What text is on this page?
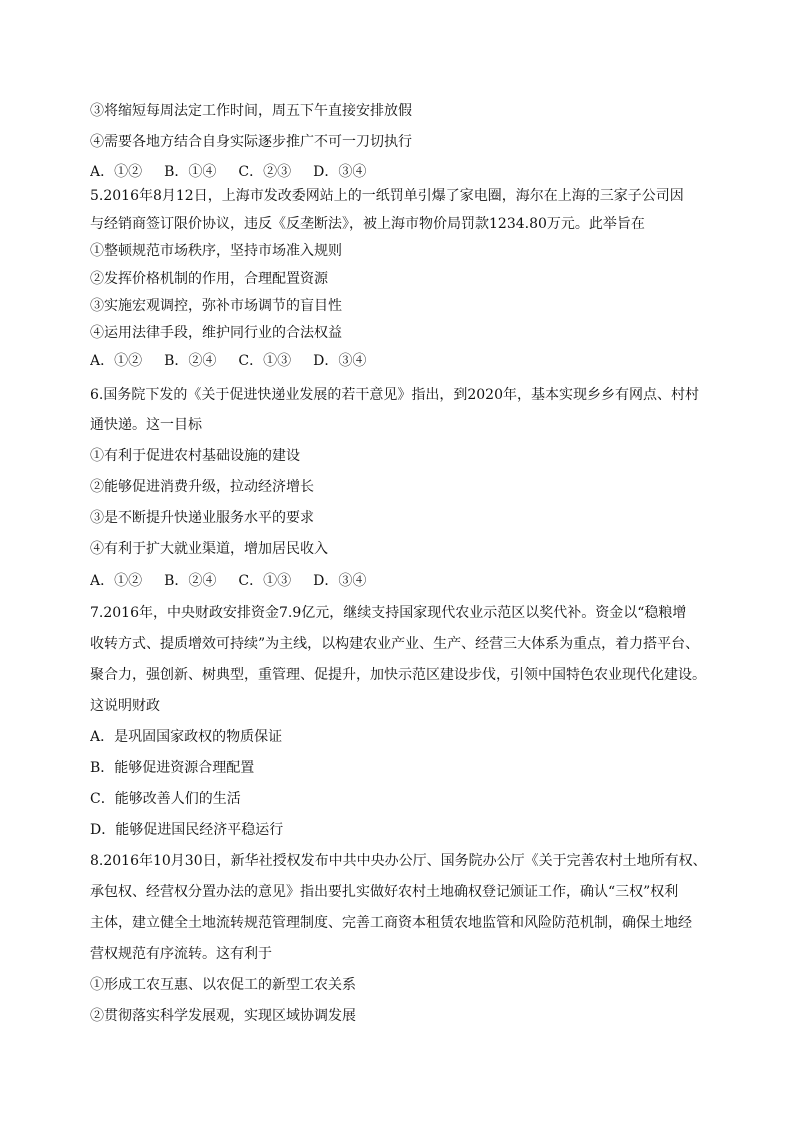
③将缩短每周法定工作时间，周五下午直接安排放假
④需要各地方结合自身实际逐步推广不可一刀切执行
A．①② B．①④ C．②③ D．③④
5.2016年8月12日，上海市发改委网站上的一纸罚单引爆了家电圈，海尔在上海的三家子公司因
与经销商签订限价协议，违反《反垄断法》，被上海市物价局罚款1234.80万元。此举旨在
①整顿规范市场秩序，坚持市场准入规则
②发挥价格机制的作用，合理配置资源
③实施宏观调控，弥补市场调节的盲目性
④运用法律手段，维护同行业的合法权益
A．①② B．②④ C．①③ D．③④
6.国务院下发的《关于促进快递业发展的若干意见》指出，到2020年，基本实现乡乡有网点、村村
通快递。这一目标
①有利于促进农村基础设施的建设
②能够促进消费升级，拉动经济增长
③是不断提升快递业服务水平的要求
④有利于扩大就业渠道，增加居民收入
A．①② B．②④ C．①③ D．③④
7.2016年，中央财政安排资金7.9亿元，继续支持国家现代农业示范区以奖代补。资金以“稳粮增
收转方式、提质增效可持续”为主线，以构建农业产业、生产、经营三大体系为重点，着力搭平台、
聚合力，强创新、树典型，重管理、促提升，加快示范区建设步伐，引领中国特色农业现代化建设。
这说明财政
A．是巩固国家政权的物质保证
B．能够促进资源合理配置
C．能够改善人们的生活
D．能够促进国民经济平稳运行
8.2016年10月30日，新华社授权发布中共中央办公厅、国务院办公厅《关于完善农村土地所有权、
承包权、经营权分置办法的意见》指出要扎实做好农村土地确权登记颁证工作，确认“三权”权利
主体，建立健全土地流转规范管理制度、完善工商资本租赁农地监管和风险防范机制，确保土地经
营权规范有序流转。这有利于
①形成工农互惠、以农促工的新型工农关系
②贯彻落实科学发展观，实现区域协调发展
